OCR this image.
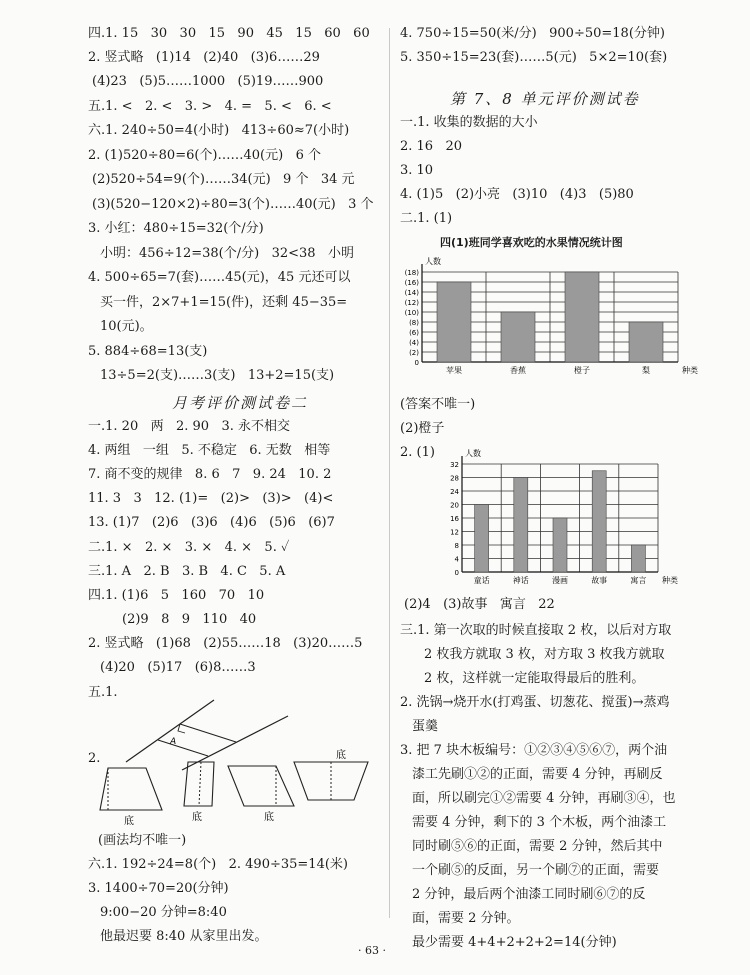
四.1. 15   30   30   15   90   45   15   60   60
2. 竖式略   (1)14   (2)40   (3)6……29
(4)23   (5)5……1000   (5)19……900
五.1. <   2. <   3. >   4. =   5. <   6. <
六.1. 240÷50=4(小时)   413÷60≈7(小时)
2. (1)520÷80=6(个)……40(元)   6 个
(2)520÷54=9(个)……34(元)   9 个   34 元
(3)(520−120×2)÷80=3(个)……40(元)   3 个
3. 小红：480÷15=32(个/分)
小明：456÷12=38(个/分)   32<38   小明
4. 500÷65=7(套)……45(元)，45 元还可以
买一件，2×7+1=15(件)，还剩 45−35=
10(元)。
5. 884÷68=13(支)
13÷5=2(支)……3(支)   13+2=15(支)
月考评价测试卷二
一.1. 20   两   2. 90   3. 永不相交
4. 两组   一组   5. 不稳定   6. 无数   相等
7. 商不变的规律   8. 6   7   9. 24   10. 2
11. 3   3   12. (1)=   (2)>   (3)>   (4)<
13. (1)7   (2)6   (3)6   (4)6   (5)6   (6)7
二.1. ×   2. ×   3. ×   4. ×   5. ✓
三.1. A   2. B   3. B   4. C   5. A
四.1. (1)6   5   160   70   10
(2)9   8   9   110   40
2. 竖式略   (1)68   (2)55……18   (3)20……5
(4)20   (5)17   (6)8……3
五.1.
A
2.
底	底	底
底
(画法均不唯一)
六.1. 192÷24=8(个)   2. 490÷35=14(米)
3. 1400÷70=20(分钟)
9:00−20 分钟=8:40
他最迟要 8:40 从家里出发。
4. 750÷15=50(米/分)   900÷50=18(分钟)
5. 350÷15=23(套)……5(元)   5×2=10(套)
第 7、8 单元评价测试卷
一.1. 收集的数据的大小
2. 16   20
3. 10
4. (1)5   (2)小亮   (3)10   (4)3   (5)80
二.1. (1)
四(1)班同学喜欢吃的水果情况统计图
0
(2)
(4)
(6)
(8)
(10)
(12)
(14)
(16)
(18)
苹果	香蕉	橙子	梨
人数
种类
(答案不唯一)
(2)橙子
2. (1)
0
4
8
12
16
20
24
28
32
童话	神话	漫画	故事	寓言
人数
种类
(2)4   (3)故事   寓言   22
三.1. 第一次取的时候直接取 2 枚，以后对方取
2 枚我方就取 3 枚，对方取 3 枚我方就取
2 枚，这样就一定能取得最后的胜利。
2. 洗锅→烧开水(打鸡蛋、切葱花、搅蛋)→蒸鸡
蛋羹
3. 把 7 块木板编号：①②③④⑤⑥⑦，两个油
漆工先刷①②的正面，需要 4 分钟，再刷反
面，所以刷完①②需要 4 分钟，再刷③④，也
需要 4 分钟，剩下的 3 个木板，两个油漆工
同时刷⑤⑥的正面，需要 2 分钟，然后其中
一个刷⑤的反面，另一个刷⑦的正面，需要
2 分钟，最后两个油漆工同时刷⑥⑦的反
面，需要 2 分钟。
最少需要 4+4+2+2+2=14(分钟)
· 63 ·
